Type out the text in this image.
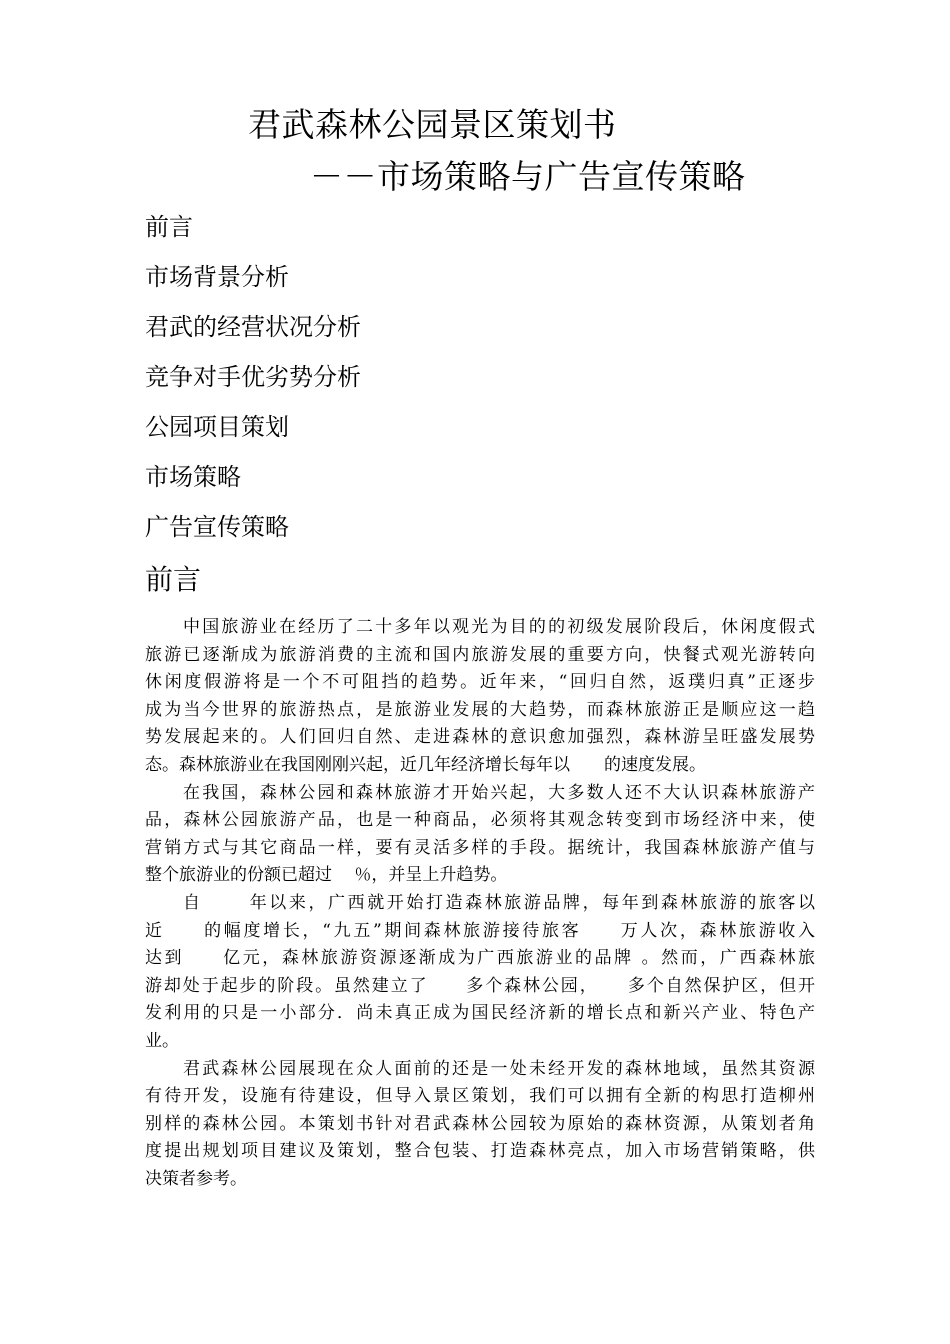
君武森林公园景区策划书
－－市场策略与广告宣传策略
前言
市场背景分析
君武的经营状况分析
竞争对手优劣势分析
公园项目策划
市场策略
广告宣传策略
前言
中国旅游业在经历了二十多年以观光为目的的初级发展阶段后，休闲度假式
旅游已逐渐成为旅游消费的主流和国内旅游发展的重要方向，快餐式观光游转向
休闲度假游将是一个不可阻挡的趋势。近年来，“回归自然，返璞归真”正逐步
成为当今世界的旅游热点，是旅游业发展的大趋势，而森林旅游正是顺应这一趋
势发展起来的。人们回归自然、走进森林的意识愈加强烈，森林游呈旺盛发展势
态。森林旅游业在我国刚刚兴起，近几年经济增长每年以　　的速度发展。
在我国，森林公园和森林旅游才开始兴起，大多数人还不大认识森林旅游产
品，森林公园旅游产品，也是一种商品，必须将其观念转变到市场经济中来，使
营销方式与其它商品一样，要有灵活多样的手段。据统计，我国森林旅游产值与
整个旅游业的份额已超过　 ％，并呈上升趋势。
自　　 年以来，广西就开始打造森林旅游品牌，每年到森林旅游的旅客以
近　　的幅度增长，“九五”期间森林旅游接待旅客　　万人次，森林旅游收入
达到　　亿元，森林旅游资源逐渐成为广西旅游业的品牌 。然而，广西森林旅
游却处于起步的阶段。虽然建立了　　多个森林公园，　　多个自然保护区，但开
发利用的只是一小部分．尚未真正成为国民经济新的增长点和新兴产业、特色产
业。
君武森林公园展现在众人面前的还是一处未经开发的森林地域，虽然其资源
有待开发，设施有待建设，但导入景区策划，我们可以拥有全新的构思打造柳州
别样的森林公园。本策划书针对君武森林公园较为原始的森林资源，从策划者角
度提出规划项目建议及策划，整合包装、打造森林亮点，加入市场营销策略，供
决策者参考。
